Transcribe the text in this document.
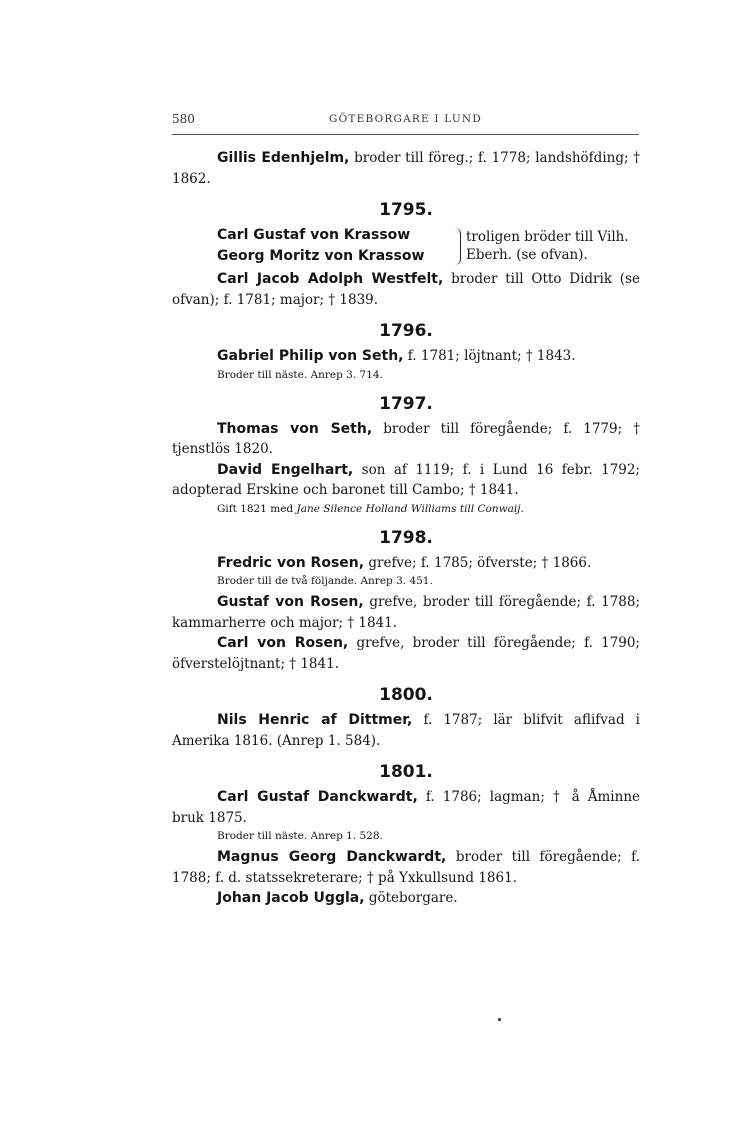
580	GÖTEBORGARE I LUND

Gillis Edenhjelm, broder till föreg.; f. 1778; landshöfding; † 1862.

1795.
Carl Gustaf von Krassow
Georg Moritz von Krassow
troligen bröder till Vilh.
Eberh. (se ofvan).

Carl Jacob Adolph Westfelt, broder till Otto Didrik (se ofvan); f. 1781; major; † 1839.

1796.

Gabriel Philip von Seth, f. 1781; löjtnant; † 1843.

Broder till näste. Anrep 3. 714.

1797.

Thomas von Seth, broder till föregående; f. 1779; † tjenstlös 1820.

David Engelhart, son af 1119; f. i Lund 16 febr. 1792; adopterad Erskine och baronet till Cambo; † 1841.

Gift 1821 med Jane Silence Holland Williams till Conwaij.

1798.

Fredric von Rosen, grefve; f. 1785; öfverste; † 1866.

Broder till de två följande. Anrep 3. 451.

Gustaf von Rosen, grefve, broder till föregående; f. 1788; kammarherre och major; † 1841.

Carl von Rosen, grefve, broder till föregående; f. 1790; öfverstelöjtnant; † 1841.

1800.

Nils Henric af Dittmer, f. 1787; lär blifvit aflifvad i Amerika 1816. (Anrep 1. 584).

1801.

Carl Gustaf Danckwardt, f. 1786; lagman; † å Åminne bruk 1875.

Broder till näste. Anrep 1. 528.

Magnus Georg Danckwardt, broder till föregående; f. 1788; f. d. statssekreterare; † på Yxkullsund 1861.

Johan Jacob Uggla, göteborgare.
